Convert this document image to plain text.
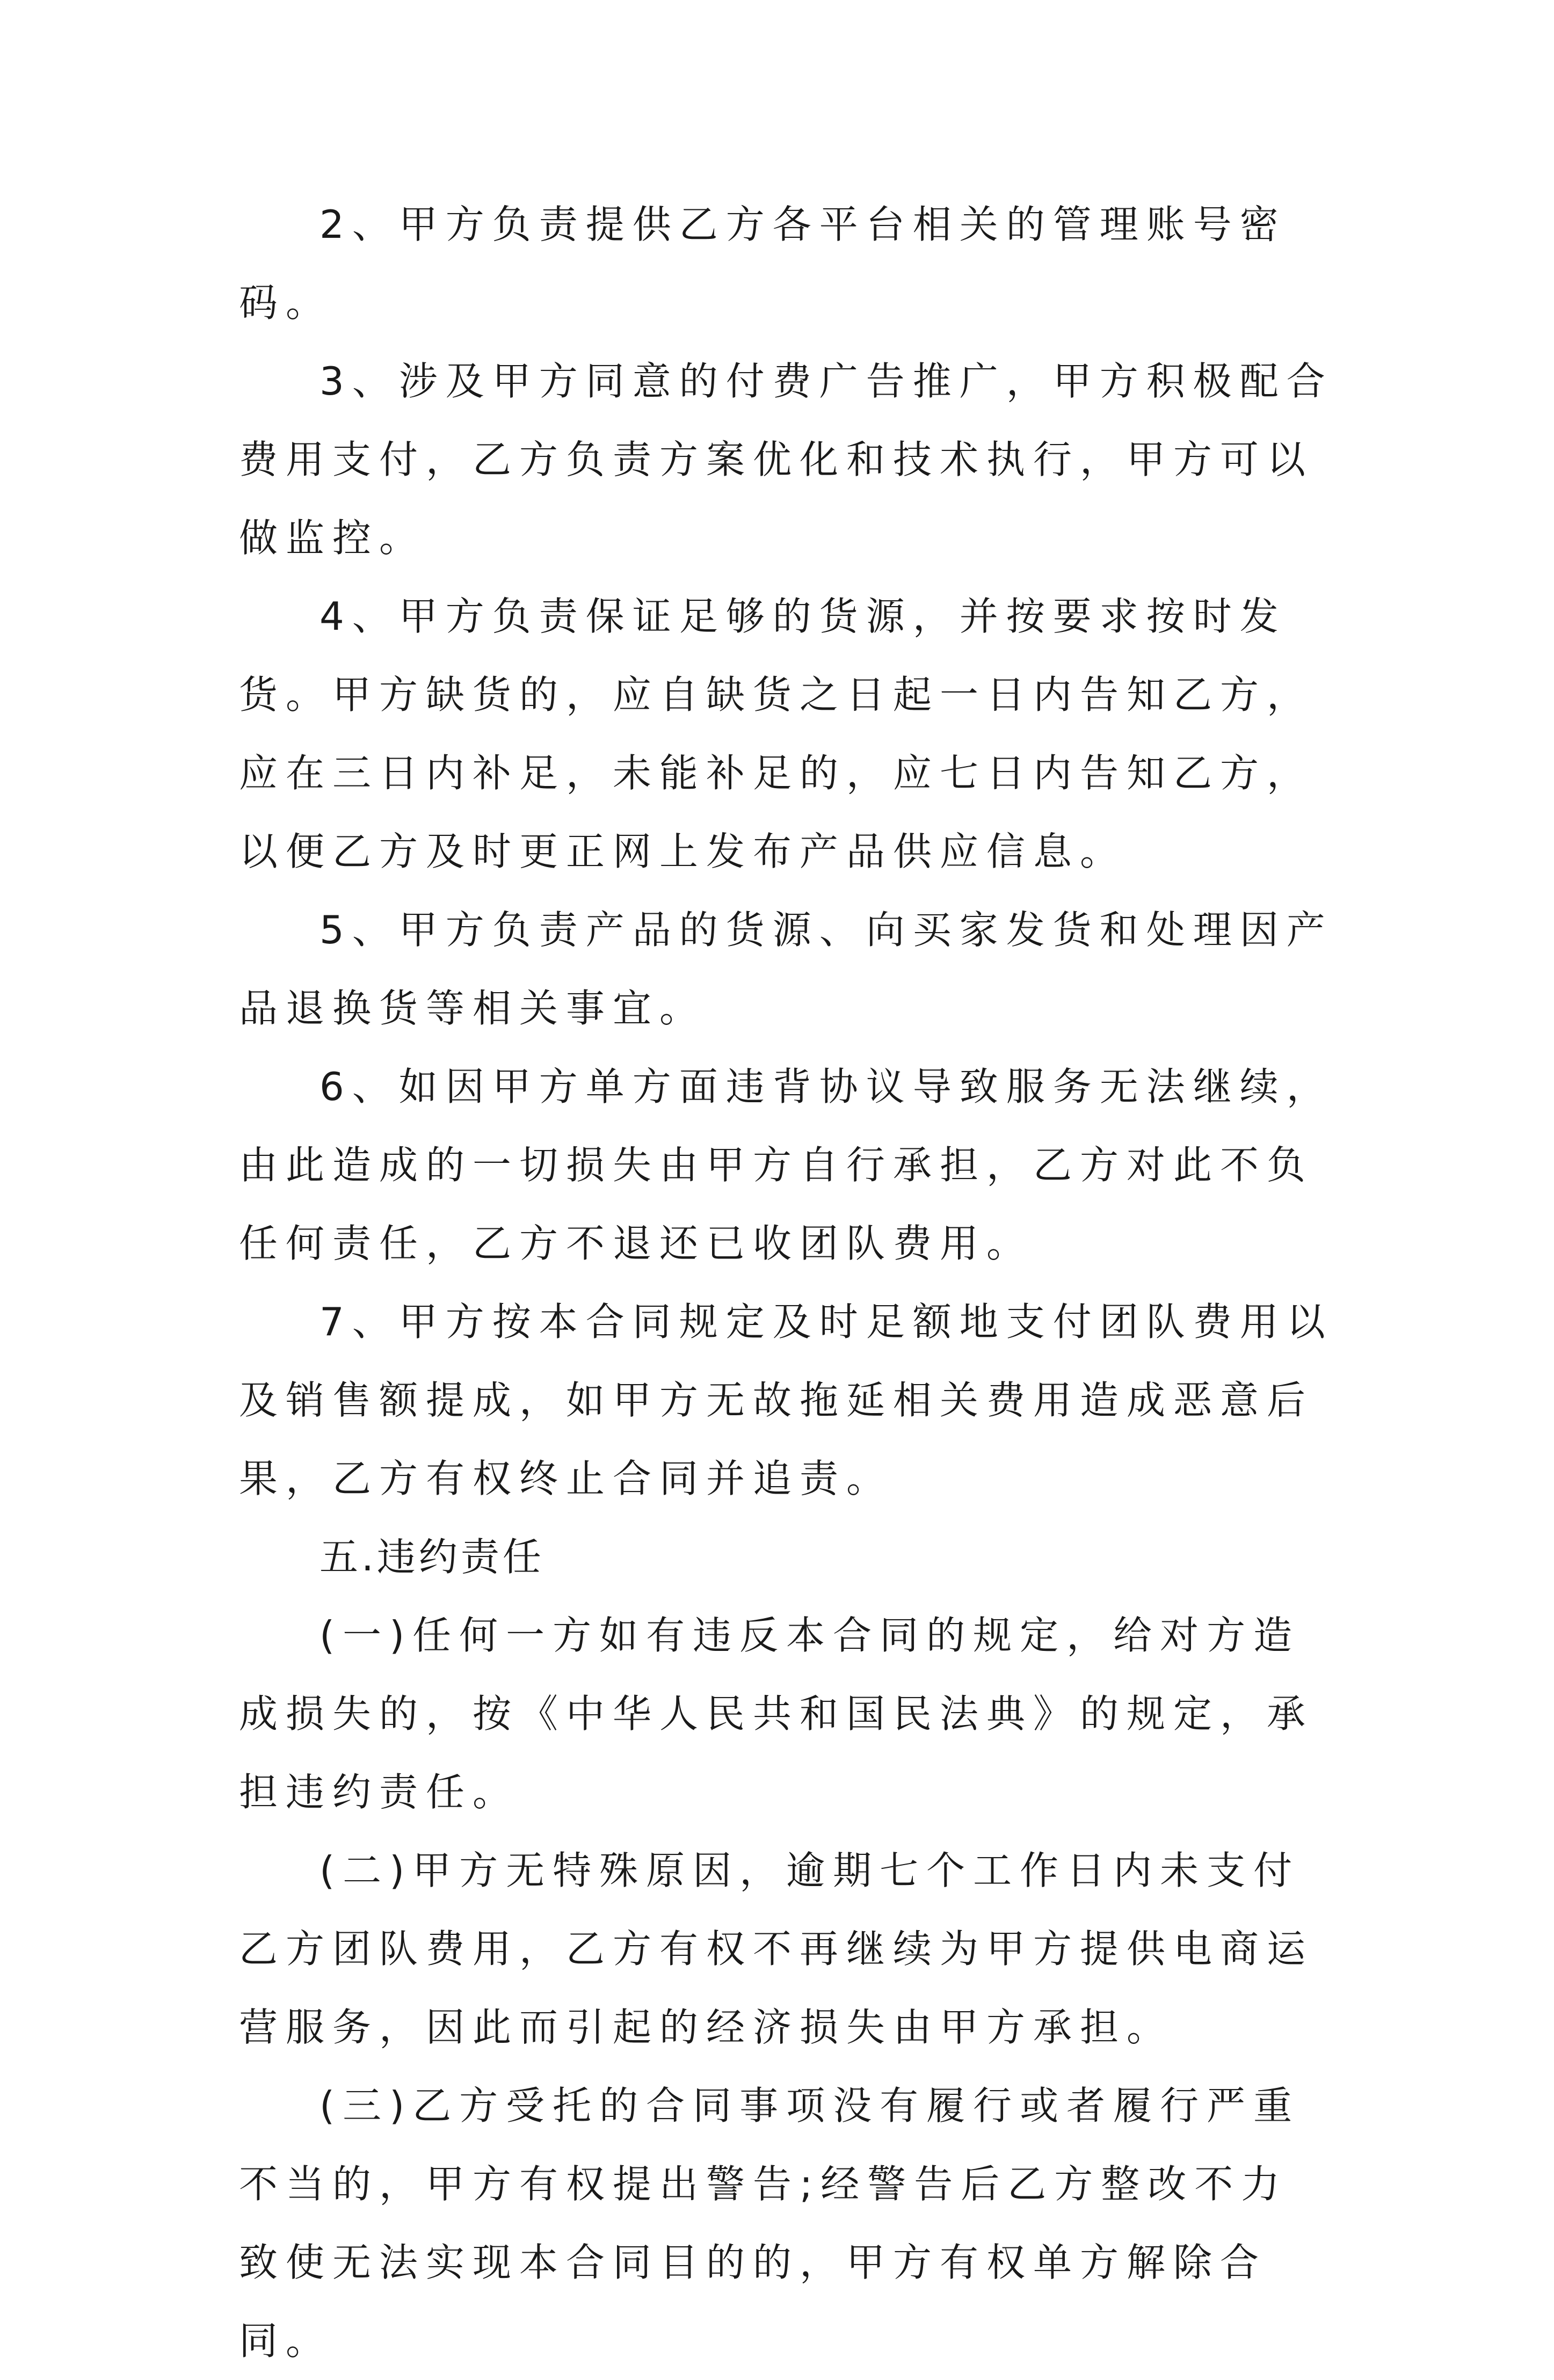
2、甲方负责提供乙方各平台相关的管理账号密码。

3、涉及甲方同意的付费广告推广，甲方积极配合费用支付，乙方负责方案优化和技术执行，甲方可以做监控。

4、甲方负责保证足够的货源，并按要求按时发货。甲方缺货的，应自缺货之日起一日内告知乙方，应在三日内补足，未能补足的，应七日内告知乙方，以便乙方及时更正网上发布产品供应信息。

5、甲方负责产品的货源、向买家发货和处理因产品退换货等相关事宜。

6、如因甲方单方面违背协议导致服务无法继续，由此造成的一切损失由甲方自行承担，乙方对此不负任何责任，乙方不退还已收团队费用。

7、甲方按本合同规定及时足额地支付团队费用以及销售额提成，如甲方无故拖延相关费用造成恶意后果，乙方有权终止合同并追责。

五.违约责任

(一)任何一方如有违反本合同的规定，给对方造成损失的，按《中华人民共和国民法典》的规定，承担违约责任。

(二)甲方无特殊原因，逾期七个工作日内未支付乙方团队费用，乙方有权不再继续为甲方提供电商运营服务，因此而引起的经济损失由甲方承担。

(三)乙方受托的合同事项没有履行或者履行严重不当的，甲方有权提出警告;经警告后乙方整改不力致使无法实现本合同目的的，甲方有权单方解除合同。
